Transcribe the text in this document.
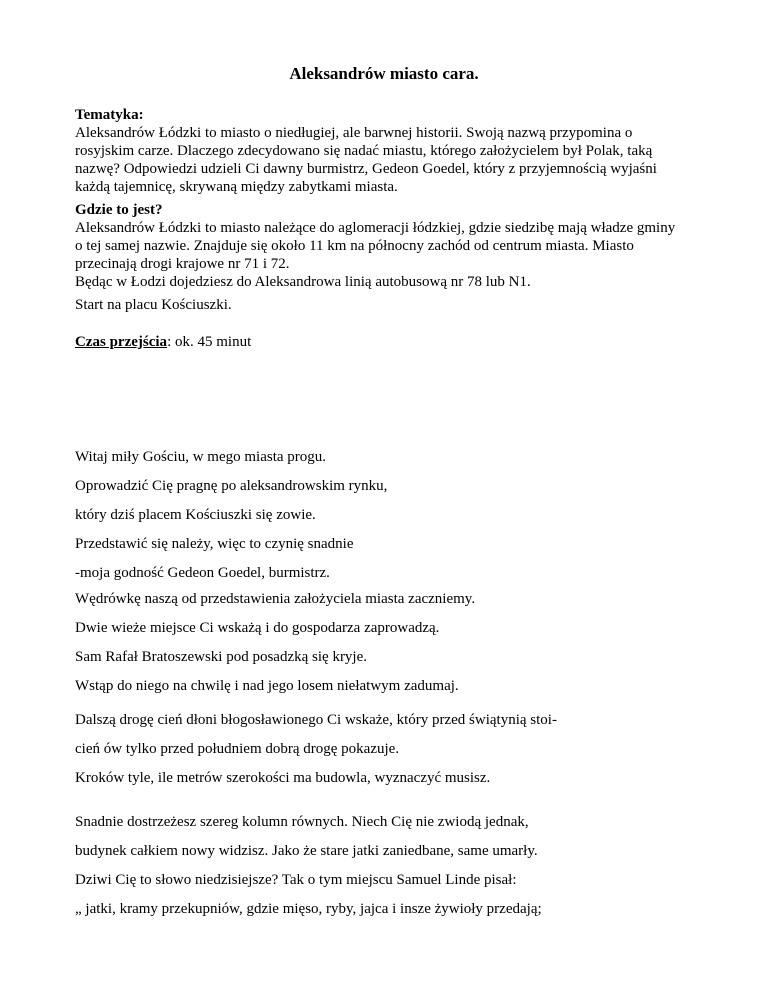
Aleksandrów miasto cara.

Tematyka:

Aleksandrów Łódzki to miasto o niedługiej, ale barwnej historii. Swoją nazwą przypomina o

rosyjskim carze. Dlaczego zdecydowano się nadać miastu, którego założycielem był Polak, taką

nazwę? Odpowiedzi udzieli Ci dawny burmistrz, Gedeon Goedel, który z przyjemnością wyjaśni

każdą tajemnicę, skrywaną między zabytkami miasta.

Gdzie to jest?

Aleksandrów Łódzki to miasto należące do aglomeracji łódzkiej, gdzie siedzibę mają władze gminy

o tej samej nazwie. Znajduje się około 11 km na północny zachód od centrum miasta. Miasto

przecinają drogi krajowe nr 71 i 72.

Będąc w Łodzi dojedziesz do Aleksandrowa linią autobusową nr 78 lub N1.

Start na placu Kościuszki.

Czas przejścia: ok. 45 minut

Witaj miły Gościu, w mego miasta progu.

Oprowadzić Cię pragnę po aleksandrowskim rynku,

który dziś placem Kościuszki się zowie.

Przedstawić się należy, więc to czynię snadnie

-moja godność Gedeon Goedel, burmistrz.

Wędrówkę naszą od przedstawienia założyciela miasta zaczniemy.

Dwie wieże miejsce Ci wskażą i do gospodarza zaprowadzą.

Sam Rafał Bratoszewski pod posadzką się kryje.

Wstąp do niego na chwilę i nad jego losem niełatwym zadumaj.

Dalszą drogę cień dłoni błogosławionego Ci wskaże, który przed świątynią stoi-

cień ów tylko przed południem dobrą drogę pokazuje.

Kroków tyle, ile metrów szerokości ma budowla, wyznaczyć musisz.

Snadnie dostrzeżesz szereg kolumn równych. Niech Cię nie zwiodą jednak,

budynek całkiem nowy widzisz. Jako że stare jatki zaniedbane, same umarły.

Dziwi Cię to słowo niedzisiejsze? Tak o tym miejscu Samuel Linde pisał:

„ jatki, kramy przekupniów, gdzie mięso, ryby, jajca i insze żywioły przedają;
